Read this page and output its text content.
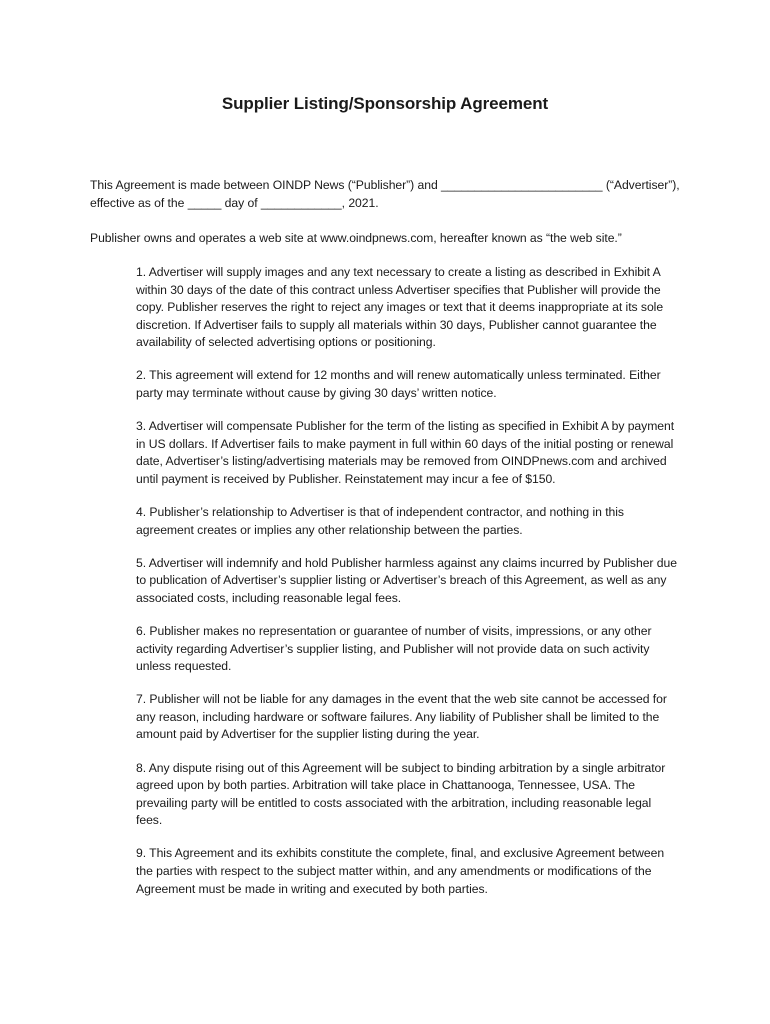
Supplier Listing/Sponsorship Agreement

This Agreement is made between OINDP News (“Publisher”) and ________________________ (“Advertiser”), effective as of the _____ day of ____________, 2021.

Publisher owns and operates a web site at www.oindpnews.com, hereafter known as “the web site.”

1. Advertiser will supply images and any text necessary to create a listing as described in Exhibit A within 30 days of the date of this contract unless Advertiser specifies that Publisher will provide the copy. Publisher reserves the right to reject any images or text that it deems inappropriate at its sole discretion. If Advertiser fails to supply all materials within 30 days, Publisher cannot guarantee the availability of selected advertising options or positioning.
2. This agreement will extend for 12 months and will renew automatically unless terminated. Either party may terminate without cause by giving 30 days’ written notice.
3. Advertiser will compensate Publisher for the term of the listing as specified in Exhibit A by payment in US dollars. If Advertiser fails to make payment in full within 60 days of the initial posting or renewal date, Advertiser’s listing/advertising materials may be removed from OINDPnews.com and archived until payment is received by Publisher. Reinstatement may incur a fee of $150.
4. Publisher’s relationship to Advertiser is that of independent contractor, and nothing in this agreement creates or implies any other relationship between the parties.
5. Advertiser will indemnify and hold Publisher harmless against any claims incurred by Publisher due to publication of Advertiser’s supplier listing or Advertiser’s breach of this Agreement, as well as any associated costs, including reasonable legal fees.
6. Publisher makes no representation or guarantee of number of visits, impressions, or any other activity regarding Advertiser’s supplier listing, and Publisher will not provide data on such activity unless requested.
7. Publisher will not be liable for any damages in the event that the web site cannot be accessed for any reason, including hardware or software failures. Any liability of Publisher shall be limited to the amount paid by Advertiser for the supplier listing during the year.
8. Any dispute rising out of this Agreement will be subject to binding arbitration by a single arbitrator agreed upon by both parties. Arbitration will take place in Chattanooga, Tennessee, USA. The prevailing party will be entitled to costs associated with the arbitration, including reasonable legal fees.
9. This Agreement and its exhibits constitute the complete, final, and exclusive Agreement between the parties with respect to the subject matter within, and any amendments or modifications of the Agreement must be made in writing and executed by both parties.
